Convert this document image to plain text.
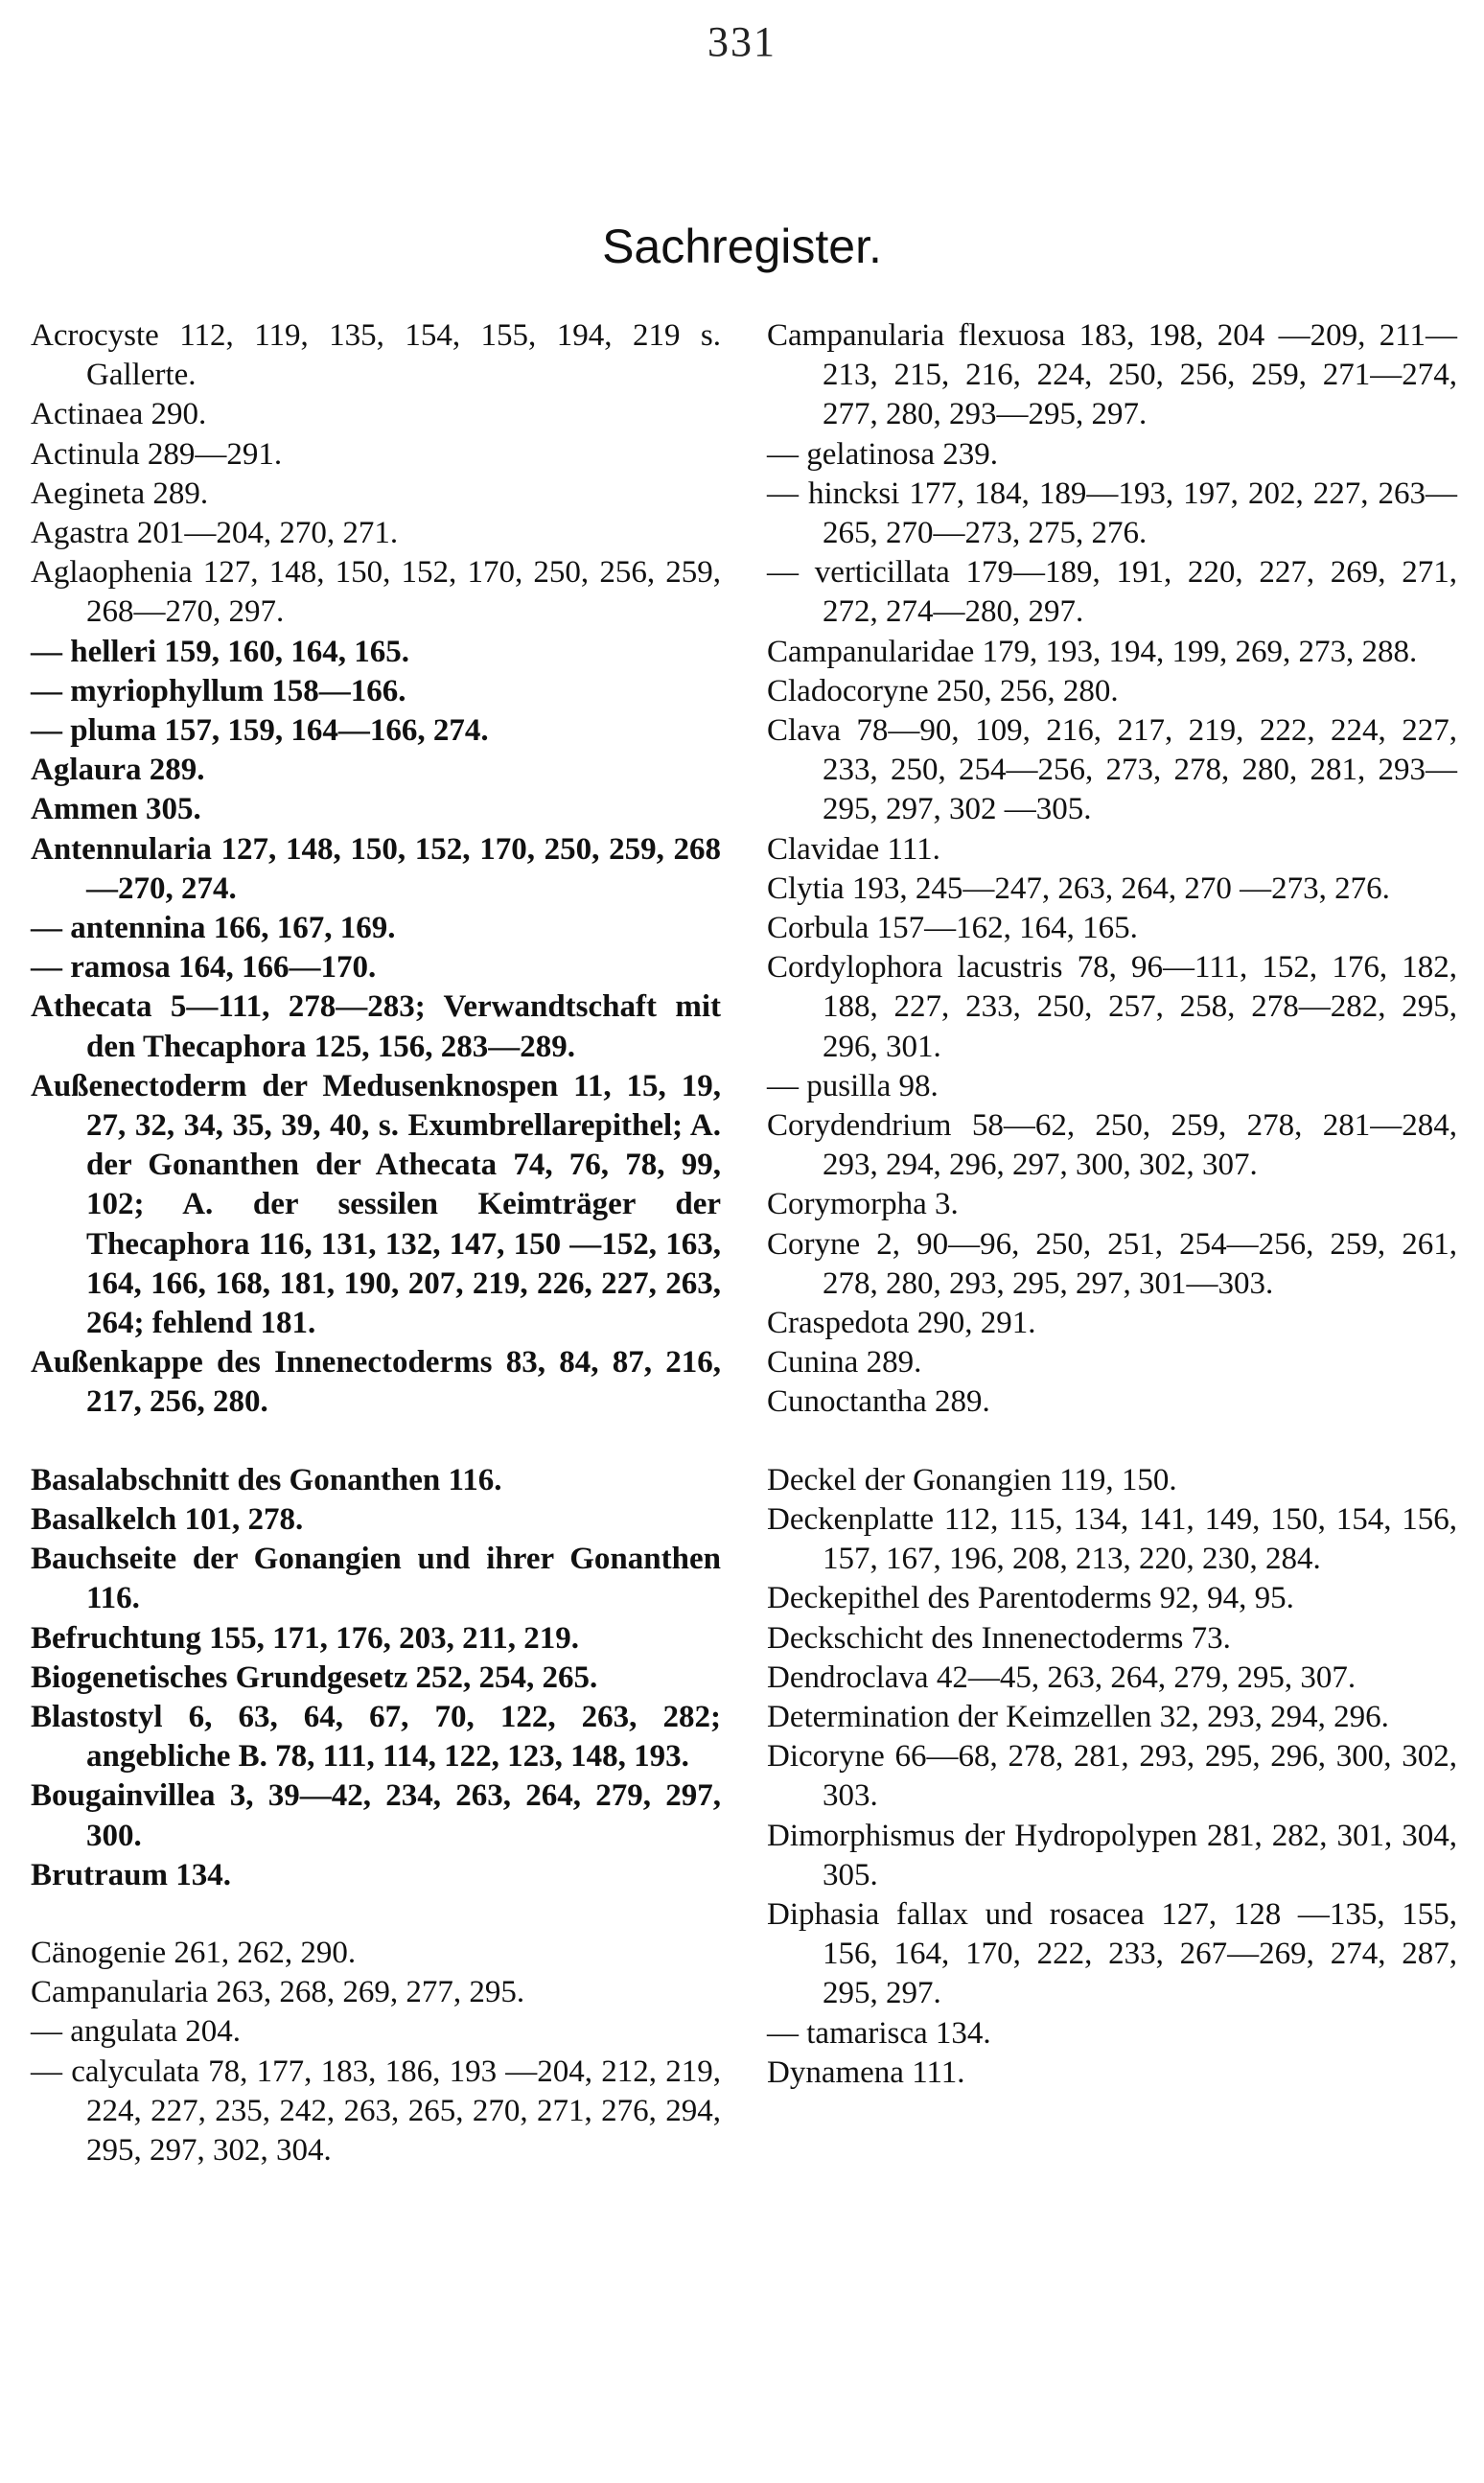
331
Sachregister.
Acrocyste 112, 119, 135, 154, 155, 194, 219 s. Gallerte.
Actinaea 290.
Actinula 289—291.
Aegineta 289.
Agastra 201—204, 270, 271.
Aglaophenia 127, 148, 150, 152, 170, 250, 256, 259, 268—270, 297.
— helleri 159, 160, 164, 165.
— myriophyllum 158—166.
— pluma 157, 159, 164—166, 274.
Aglaura 289.
Ammen 305.
Antennularia 127, 148, 150, 152, 170, 250, 259, 268—270, 274.
— antennina 166, 167, 169.
— ramosa 164, 166—170.
Athecata 5—111, 278—283; Verwandtschaft mit den Thecaphora 125, 156, 283—289.
Außenectoderm der Medusenknospen 11, 15, 19, 27, 32, 34, 35, 39, 40, s. Exumbrellarepithel; A. der Gonanthen der Athecata 74, 76, 78, 99, 102; A. der sessilen Keimträger der Thecaphora 116, 131, 132, 147, 150 —152, 163, 164, 166, 168, 181, 190, 207, 219, 226, 227, 263, 264; fehlend 181.
Außenkappe des Innenectoderms 83, 84, 87, 216, 217, 256, 280.
Basalabschnitt des Gonanthen 116.
Basalkelch 101, 278.
Bauchseite der Gonangien und ihrer Gonanthen 116.
Befruchtung 155, 171, 176, 203, 211, 219.
Biogenetisches Grundgesetz 252, 254, 265.
Blastostyl 6, 63, 64, 67, 70, 122, 263, 282; angebliche B. 78, 111, 114, 122, 123, 148, 193.
Bougainvillea 3, 39—42, 234, 263, 264, 279, 297, 300.
Brutraum 134.
Cänogenie 261, 262, 290.
Campanularia 263, 268, 269, 277, 295.
— angulata 204.
— calyculata 78, 177, 183, 186, 193 —204, 212, 219, 224, 227, 235, 242, 263, 265, 270, 271, 276, 294, 295, 297, 302, 304.
Campanularia flexuosa 183, 198, 204 —209, 211—213, 215, 216, 224, 250, 256, 259, 271—274, 277, 280, 293—295, 297.
— gelatinosa 239.
— hincksi 177, 184, 189—193, 197, 202, 227, 263—265, 270—273, 275, 276.
— verticillata 179—189, 191, 220, 227, 269, 271, 272, 274—280, 297.
Campanularidae 179, 193, 194, 199, 269, 273, 288.
Cladocoryne 250, 256, 280.
Clava 78—90, 109, 216, 217, 219, 222, 224, 227, 233, 250, 254—256, 273, 278, 280, 281, 293—295, 297, 302 —305.
Clavidae 111.
Clytia 193, 245—247, 263, 264, 270 —273, 276.
Corbula 157—162, 164, 165.
Cordylophora lacustris 78, 96—111, 152, 176, 182, 188, 227, 233, 250, 257, 258, 278—282, 295, 296, 301.
— pusilla 98.
Corydendrium 58—62, 250, 259, 278, 281—284, 293, 294, 296, 297, 300, 302, 307.
Corymorpha 3.
Coryne 2, 90—96, 250, 251, 254—256, 259, 261, 278, 280, 293, 295, 297, 301—303.
Craspedota 290, 291.
Cunina 289.
Cunoctantha 289.
Deckel der Gonangien 119, 150.
Deckenplatte 112, 115, 134, 141, 149, 150, 154, 156, 157, 167, 196, 208, 213, 220, 230, 284.
Deckepithel des Parentoderms 92, 94, 95.
Deckschicht des Innenectoderms 73.
Dendroclava 42—45, 263, 264, 279, 295, 307.
Determination der Keimzellen 32, 293, 294, 296.
Dicoryne 66—68, 278, 281, 293, 295, 296, 300, 302, 303.
Dimorphismus der Hydropolypen 281, 282, 301, 304, 305.
Diphasia fallax und rosacea 127, 128 —135, 155, 156, 164, 170, 222, 233, 267—269, 274, 287, 295, 297.
— tamarisca 134.
Dynamena 111.
